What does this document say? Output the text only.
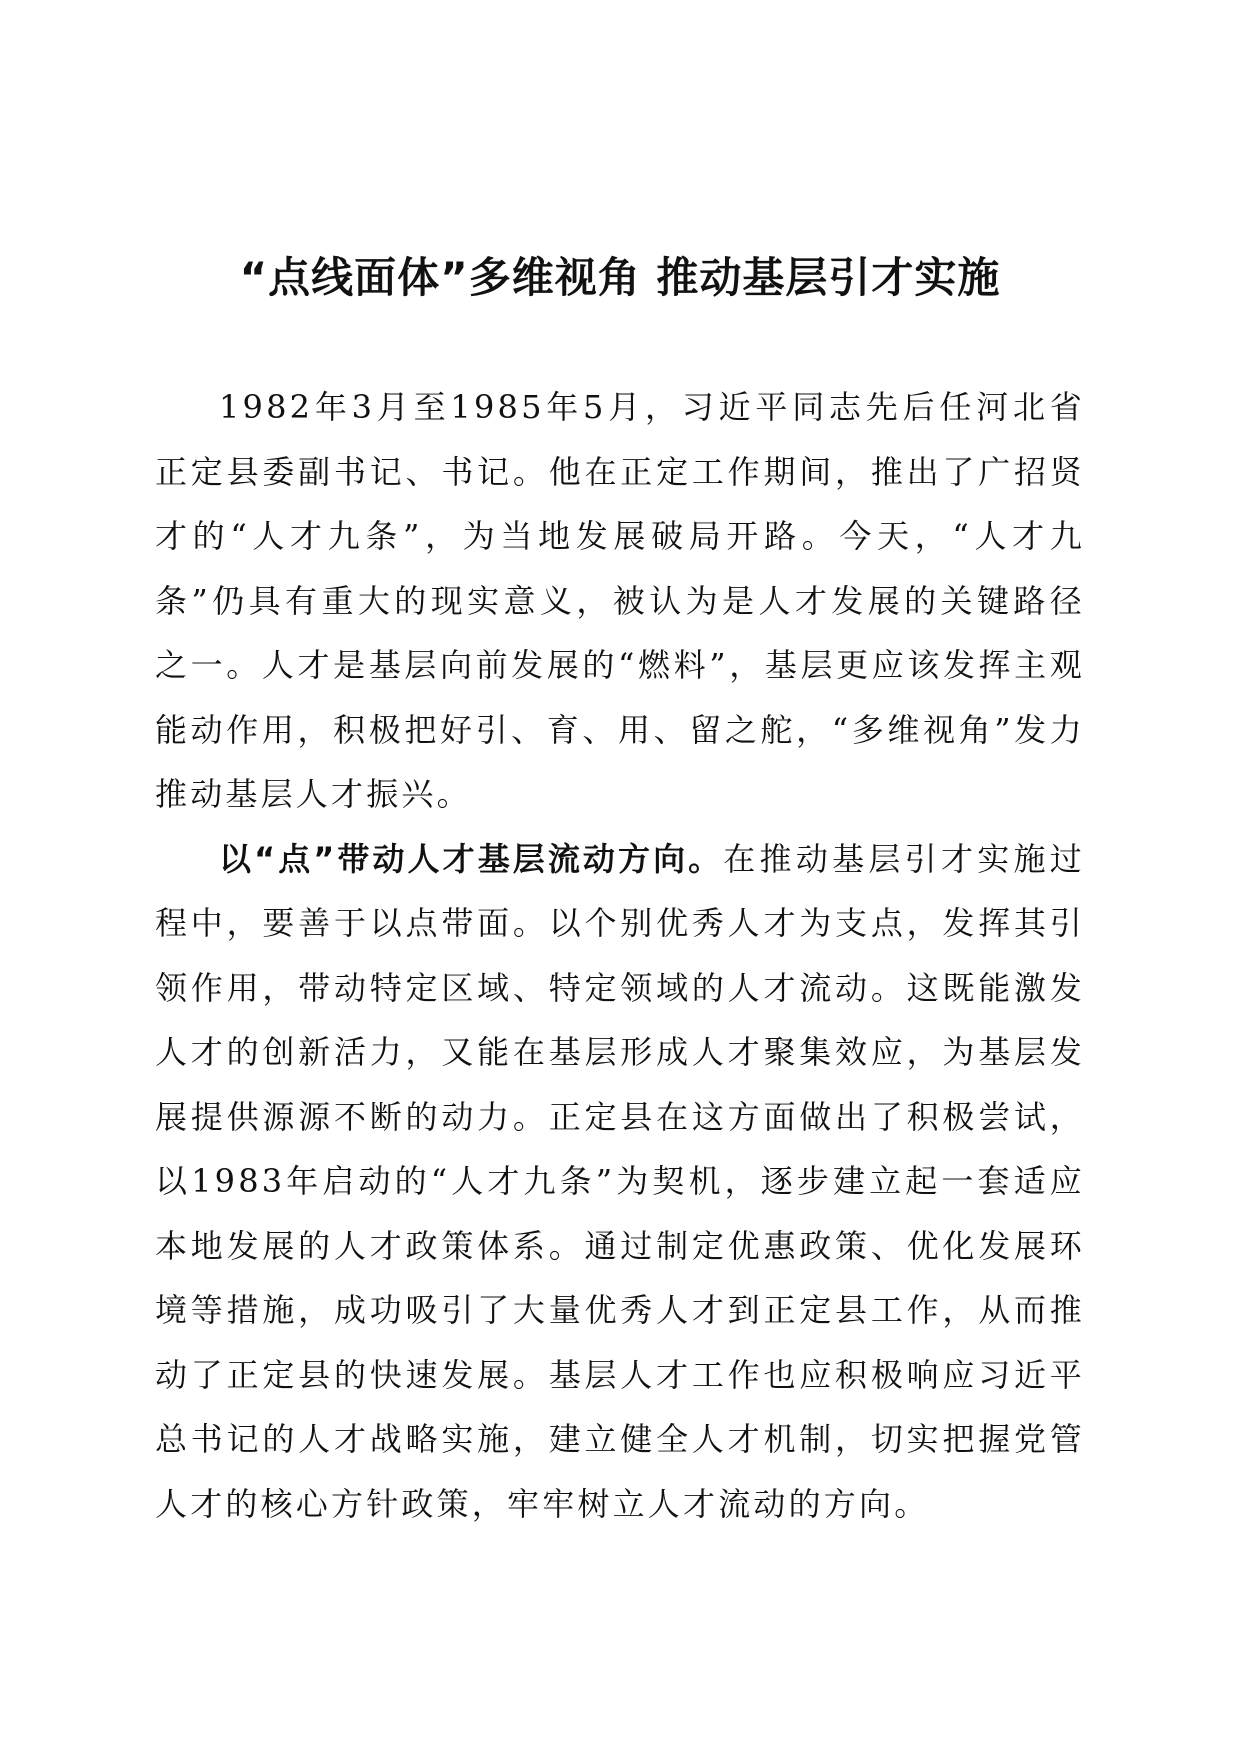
“点线面体”多维视角 推动基层引才实施

1982年3月至1985年5月，习近平同志先后任河北省正定县委副书记、书记。他在正定工作期间，推出了广招贤才的“人才九条”，为当地发展破局开路。今天，“人才九条”仍具有重大的现实意义，被认为是人才发展的关键路径之一。人才是基层向前发展的“燃料”，基层更应该发挥主观能动作用，积极把好引、育、用、留之舵，“多维视角”发力推动基层人才振兴。

以“点”带动人才基层流动方向。在推动基层引才实施过程中，要善于以点带面。以个别优秀人才为支点，发挥其引领作用，带动特定区域、特定领域的人才流动。这既能激发人才的创新活力，又能在基层形成人才聚集效应，为基层发展提供源源不断的动力。正定县在这方面做出了积极尝试，以1983年启动的“人才九条”为契机，逐步建立起一套适应本地发展的人才政策体系。通过制定优惠政策、优化发展环境等措施，成功吸引了大量优秀人才到正定县工作，从而推动了正定县的快速发展。基层人才工作也应积极响应习近平总书记的人才战略实施，建立健全人才机制，切实把握党管人才的核心方针政策，牢牢树立人才流动的方向。
